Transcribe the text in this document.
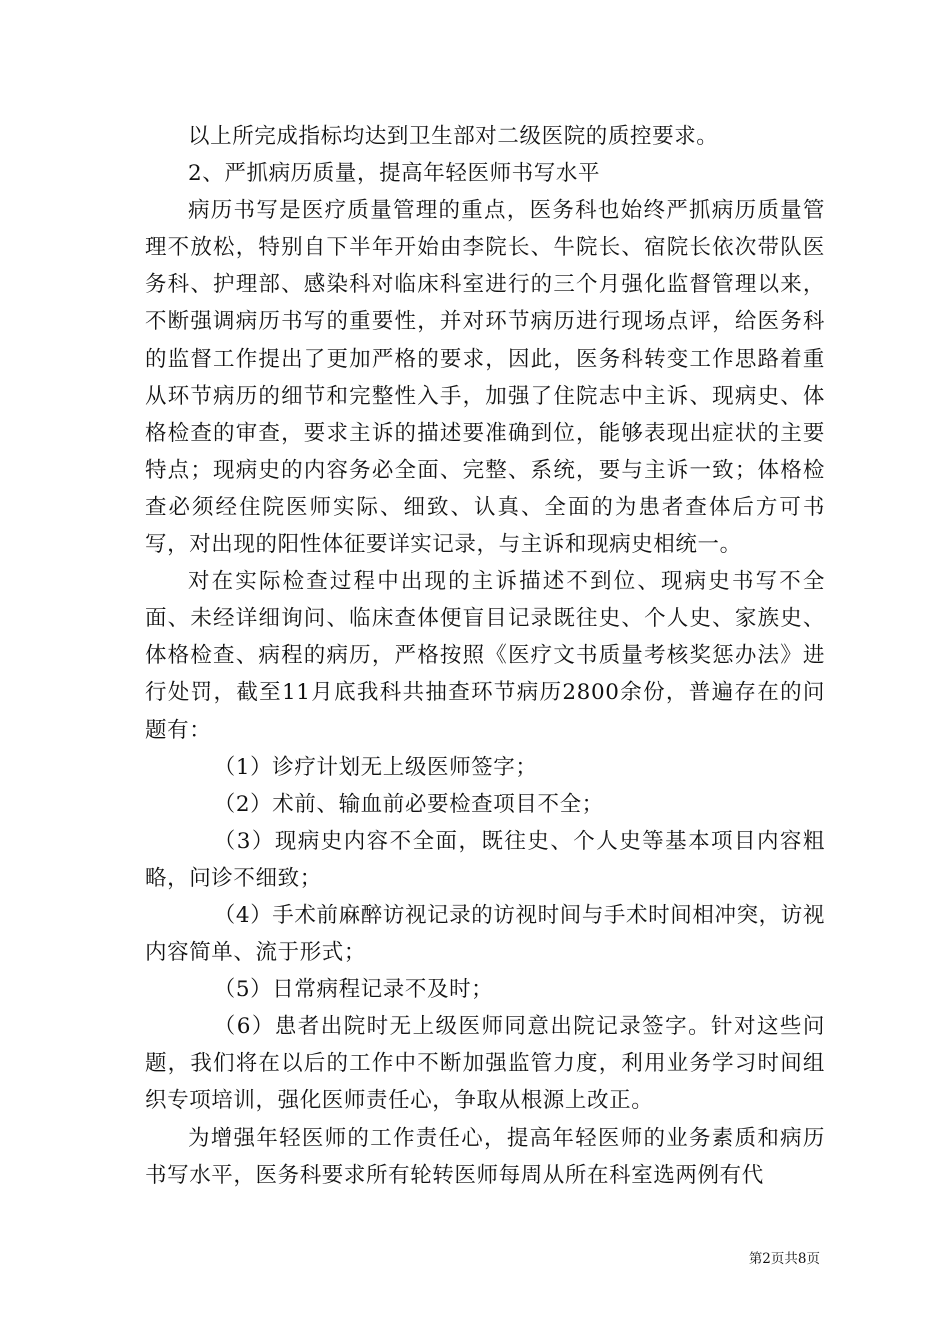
以上所完成指标均达到卫生部对二级医院的质控要求。

2、严抓病历质量，提高年轻医师书写水平

病历书写是医疗质量管理的重点，医务科也始终严抓病历质量管理不放松，特别自下半年开始由李院长、牛院长、宿院长依次带队医务科、护理部、感染科对临床科室进行的三个月强化监督管理以来，不断强调病历书写的重要性，并对环节病历进行现场点评，给医务科的监督工作提出了更加严格的要求，因此，医务科转变工作思路着重从环节病历的细节和完整性入手，加强了住院志中主诉、现病史、体格检查的审查，要求主诉的描述要准确到位，能够表现出症状的主要特点；现病史的内容务必全面、完整、系统，要与主诉一致；体格检查必须经住院医师实际、细致、认真、全面的为患者查体后方可书写，对出现的阳性体征要详实记录，与主诉和现病史相统一。

对在实际检查过程中出现的主诉描述不到位、现病史书写不全面、未经详细询问、临床查体便盲目记录既往史、个人史、家族史、体格检查、病程的病历，严格按照《医疗文书质量考核奖惩办法》进行处罚，截至11月底我科共抽查环节病历2800余份，普遍存在的问题有：

（1）诊疗计划无上级医师签字；

（2）术前、输血前必要检查项目不全；

（3）现病史内容不全面，既往史、个人史等基本项目内容粗略，问诊不细致；

（4）手术前麻醉访视记录的访视时间与手术时间相冲突，访视内容简单、流于形式；

（5）日常病程记录不及时；

（6）患者出院时无上级医师同意出院记录签字。针对这些问题，我们将在以后的工作中不断加强监管力度，利用业务学习时间组织专项培训，强化医师责任心，争取从根源上改正。

为增强年轻医师的工作责任心，提高年轻医师的业务素质和病历书写水平，医务科要求所有轮转医师每周从所在科室选两例有代

第2页共8页
